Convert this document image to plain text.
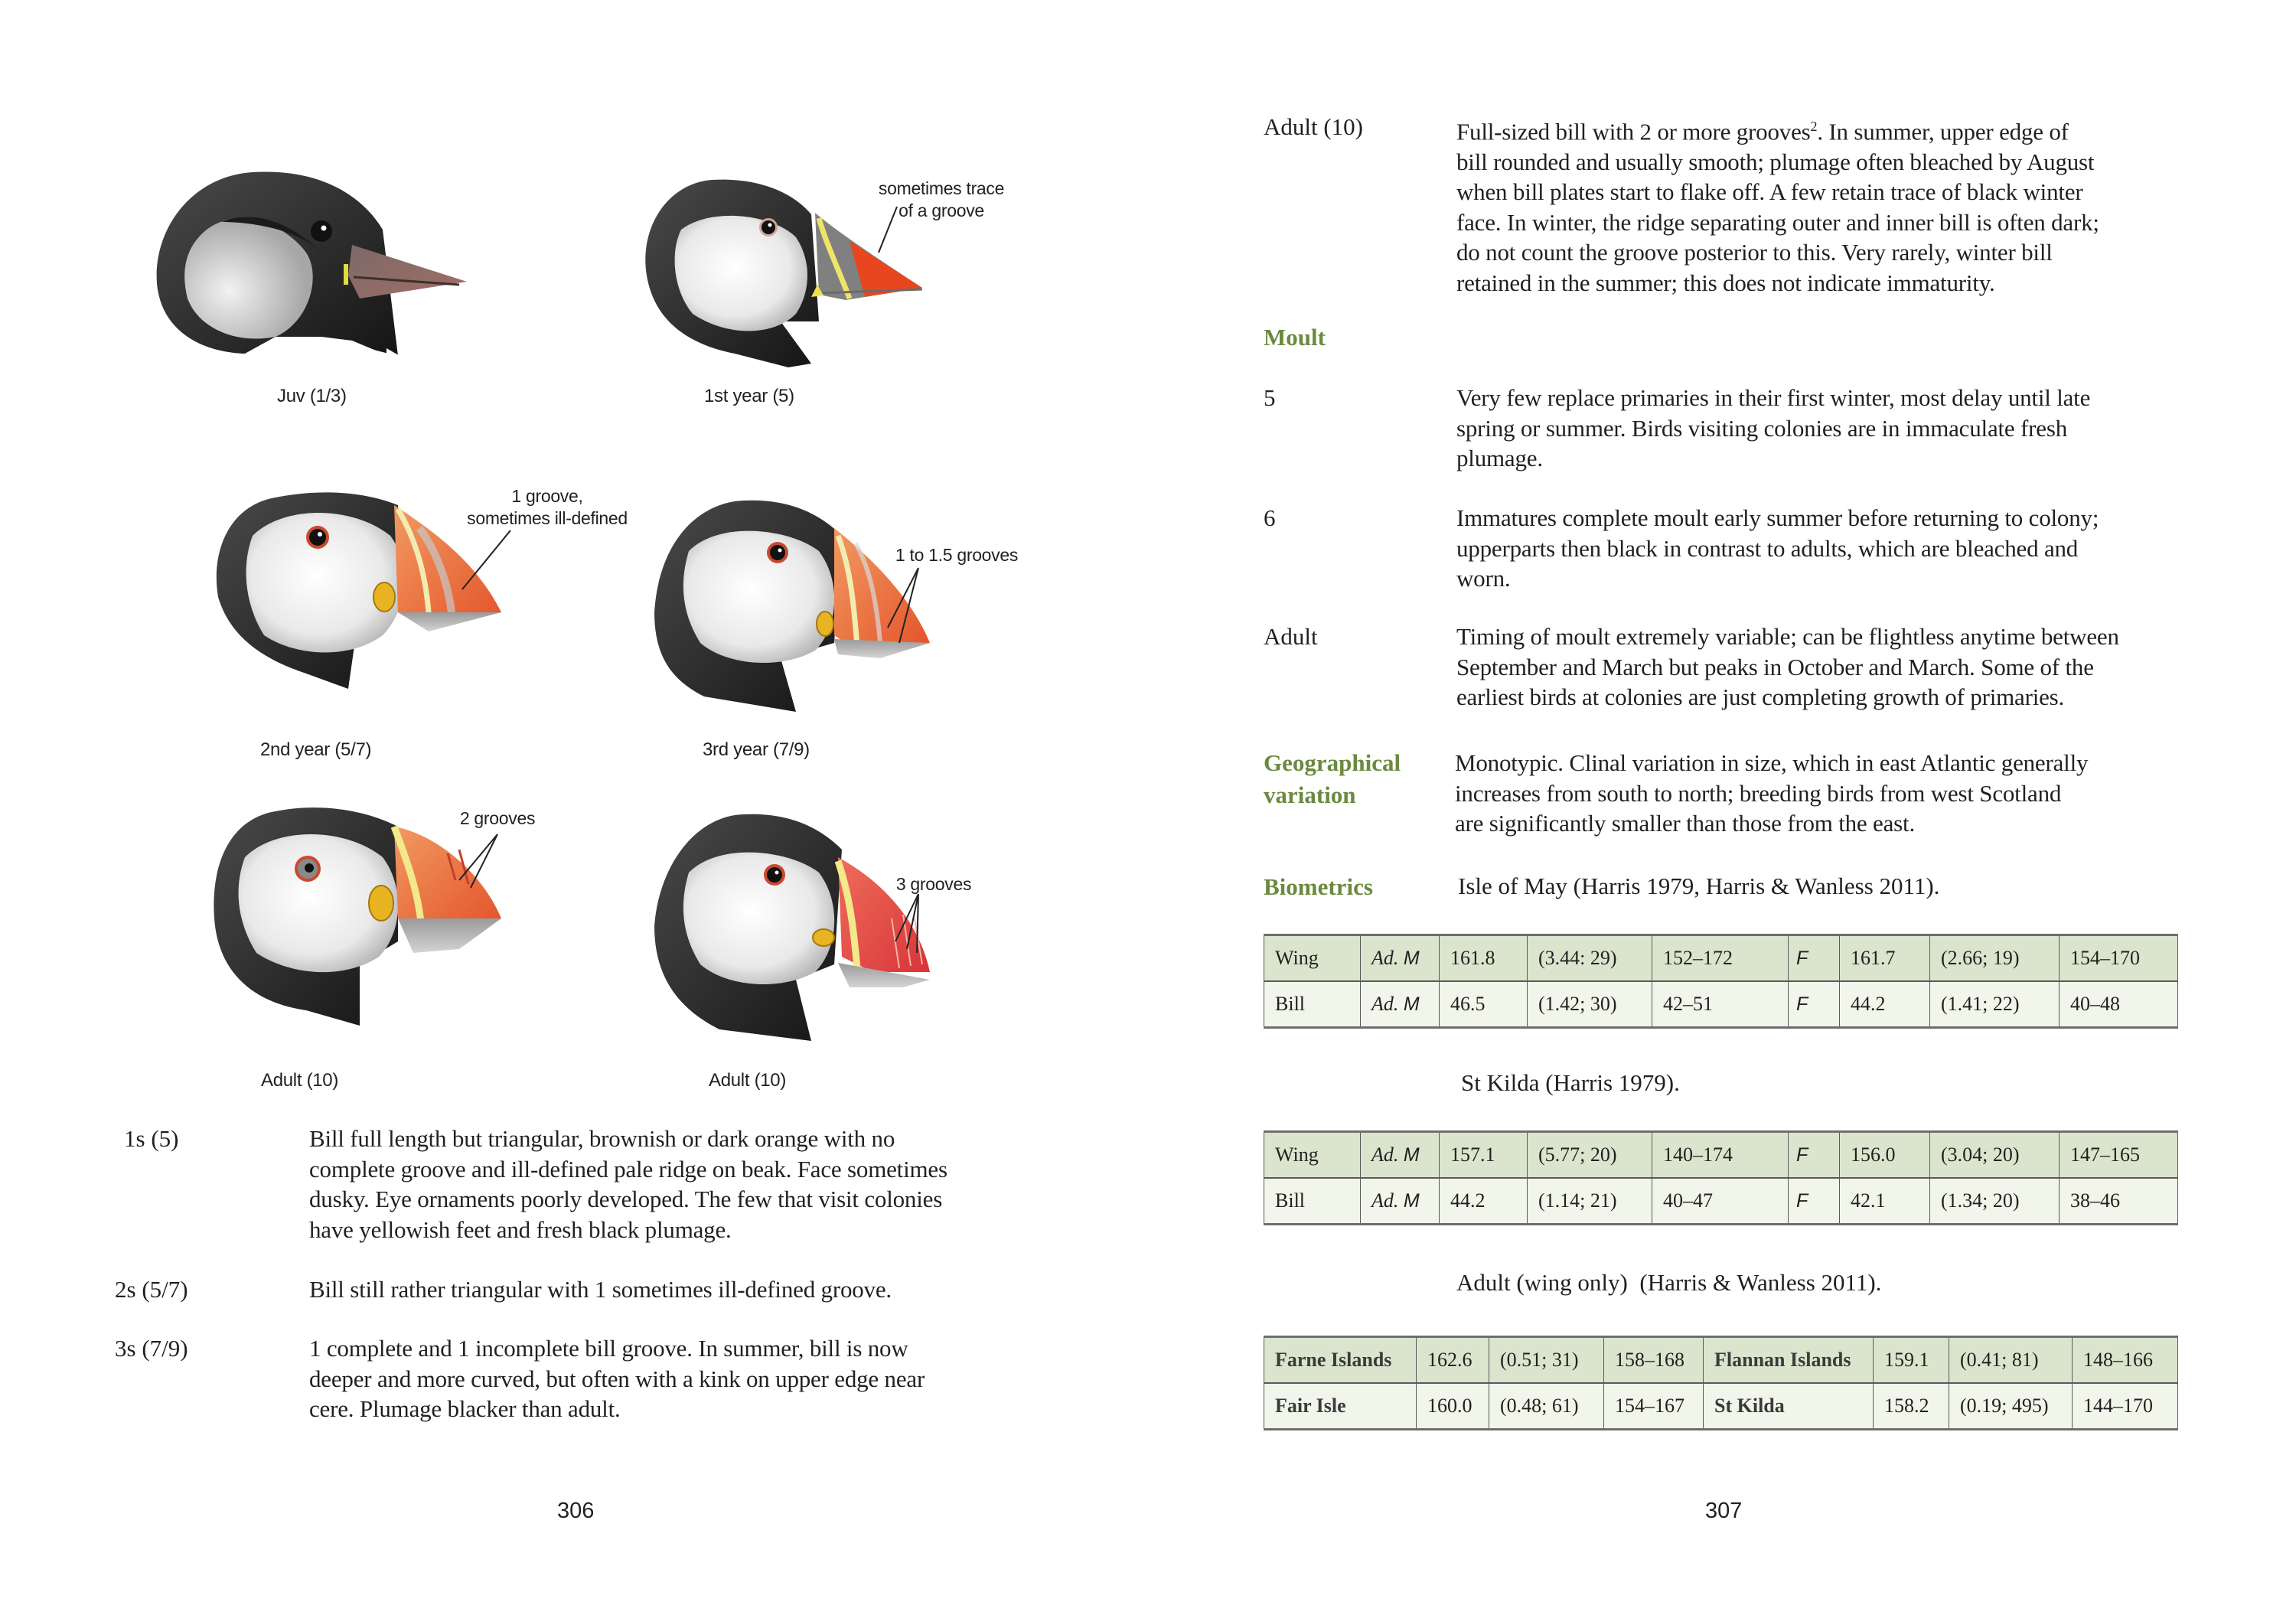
sometimes trace
of a groove
1 groove,
sometimes ill-defined
1 to 1.5 grooves
2 grooves
3 grooves
Juv (1/3)	1st year (5)
2nd year (5/7)	3rd year (7/9)
Adult (10)	Adult (10)
1s (5)	Bill full length but triangular, brownish or dark orange with no
complete groove and ill-defined pale ridge on beak. Face sometimes
dusky. Eye ornaments poorly developed. The few that visit colonies
have yellowish feet and fresh black plumage.
2s (5/7)	Bill still rather triangular with 1 sometimes ill-defined groove.
3s (7/9)	1 complete and 1 incomplete bill groove. In summer, bill is now
deeper and more curved, but often with a kink on upper edge near
cere. Plumage blacker than adult.
306
Adult (10)	Full-sized bill with 2 or more grooves$^2$. In summer, upper edge of
bill rounded and usually smooth; plumage often bleached by August
when bill plates start to flake off. A few retain trace of black winter
face. In winter, the ridge separating outer and inner bill is often dark;
do not count the groove posterior to this. Very rarely, winter bill
retained in the summer; this does not indicate immaturity.
Moult
5	Very few replace primaries in their first winter, most delay until late
spring or summer. Birds visiting colonies are in immaculate fresh
plumage.
6	Immatures complete moult early summer before returning to colony;
upperparts then black in contrast to adults, which are bleached and
worn.
Adult	Timing of moult extremely variable; can be flightless anytime between
September and March but peaks in October and March. Some of the
earliest birds at colonies are just completing growth of primaries.
Geographical
variation
Monotypic. Clinal variation in size, which in east Atlantic generally
increases from south to north; breeding birds from west Scotland
are significantly smaller than those from the east.
Biometrics	Isle of May (Harris 1979, Harris & Wanless 2011).
Wing	Ad. M	161.8	(3.44: 29)	152–172	F	161.7	(2.66; 19)	154–170
Bill	Ad. M	46.5	(1.42; 30)	42–51	F	44.2	(1.41; 22)	40–48
St Kilda (Harris 1979).
Wing	Ad. M	157.1	(5.77; 20)	140–174	F	156.0	(3.04; 20)	147–165
Bill	Ad. M	44.2	(1.14; 21)	40–47	F	42.1	(1.34; 20)	38–46
Adult (wing only)  (Harris & Wanless 2011).
Farne Islands	162.6	(0.51; 31)	158–168	Flannan Islands	159.1	(0.41; 81)	148–166
Fair Isle	160.0	(0.48; 61)	154–167	St Kilda	158.2	(0.19; 495)	144–170
307
